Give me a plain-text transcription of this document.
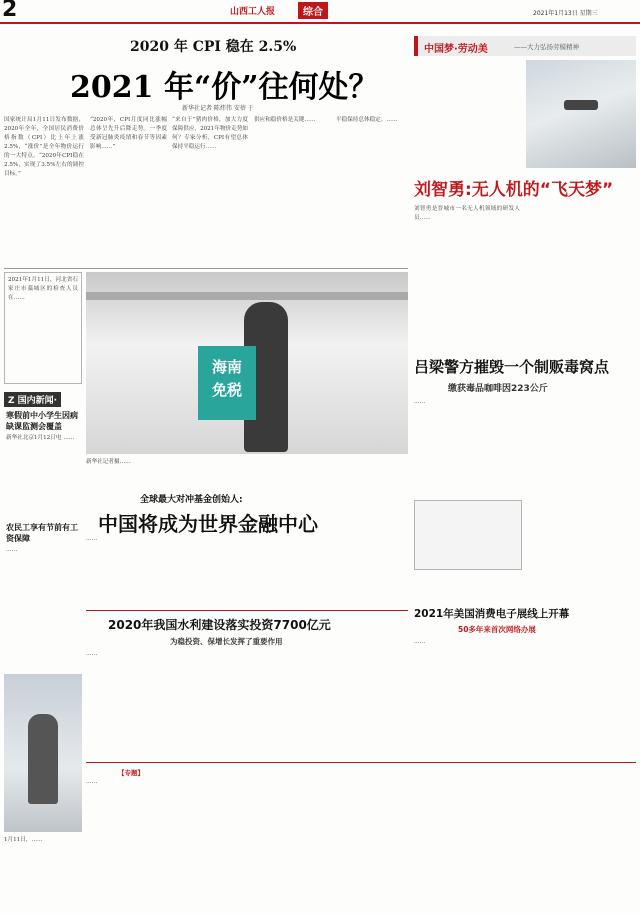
2	山西工人报	综合	2021年1月13日 星期三
2020 年 CPI 稳在 2.5%
2021 年“价”往何处？
新华社记者 陈炜伟 安蓓 于
国家统计局1月11日发布数据，2020年全年，全国居民消费价格指数（CPI）比上年上涨2.5%，“涨价”是全年物价运行的一大特点。“2020年CPI稳在2.5%，实现了3.5%左右的调控目标。”
“2020年，CPI月度同比涨幅总体呈先升后降走势。一季度受新冠肺炎疫情和春节等因素影响……”
“来自于”猪肉价格，加大力度保障供应，2021年物价走势如何？专家分析，CPI有望总体保持平稳运行……
供应和稳价格是关键……	平稳保持总体稳定。……
中国梦·劳动美	——大力弘扬劳模精神
刘智勇:无人机的“飞天梦”
刘智勇是晋城市一名无人机领域的研发人员……
2021年1月11日，河北省石家庄市藁城区的检查人员在……
Z 国内新闻·
寒假前中小学生因病缺课监测会覆盖
新华社北京1月12日电 ……
农民工享有节前有工资保障
……
海南
免税
新华社记者摄……
全球最大对冲基金创始人:
中国将成为世界金融中心
……
吕梁警方摧毁一个制贩毒窝点
缴获毒品咖啡因223公斤
……
2020年我国水利建设落实投资7700亿元
为稳投资、保增长发挥了重要作用
……
2021年美国消费电子展线上开幕
50多年来首次网络办展
……
1月11日，……
【专题】
……
